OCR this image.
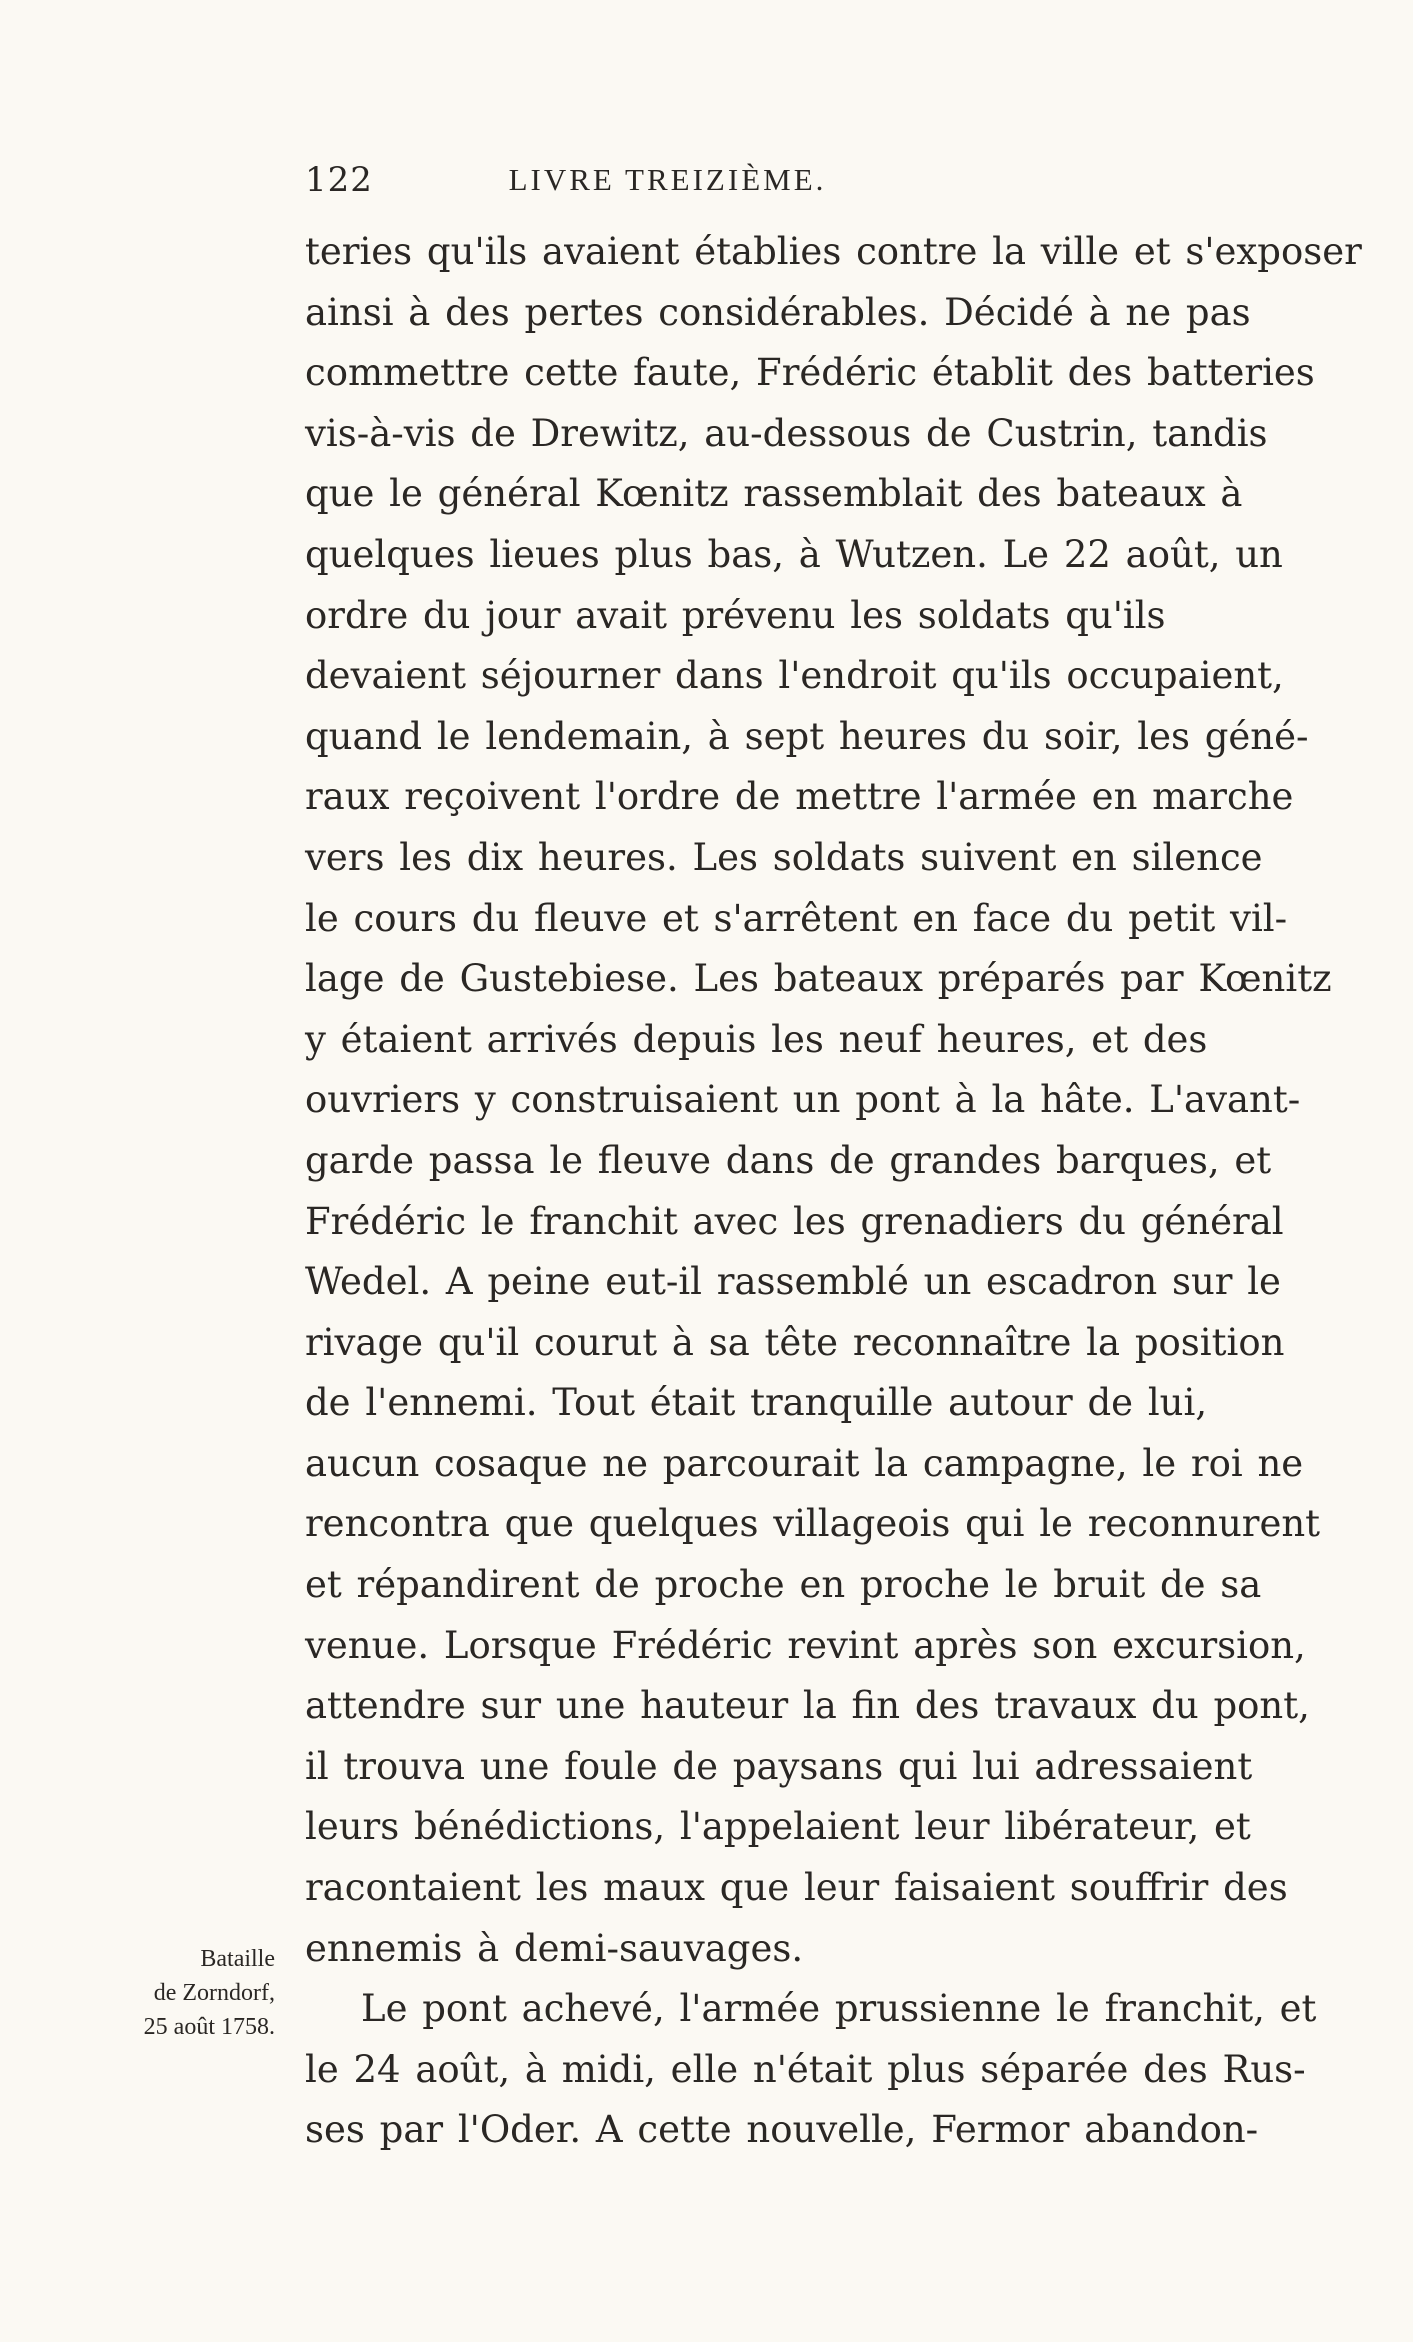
122	LIVRE TREIZIÈME.
Bataille
de Zorndorf,
25 août 1758.
teries qu'ils avaient établies contre la ville et s'exposer
ainsi à des pertes considérables. Décidé à ne pas
commettre cette faute, Frédéric établit des batteries
vis-à-vis de Drewitz, au-dessous de Custrin, tandis
que le général Kœnitz rassemblait des bateaux à
quelques lieues plus bas, à Wutzen. Le 22 août, un
ordre du jour avait prévenu les soldats qu'ils
devaient séjourner dans l'endroit qu'ils occupaient,
quand le lendemain, à sept heures du soir, les géné-
raux reçoivent l'ordre de mettre l'armée en marche
vers les dix heures. Les soldats suivent en silence
le cours du fleuve et s'arrêtent en face du petit vil-
lage de Gustebiese. Les bateaux préparés par Kœnitz
y étaient arrivés depuis les neuf heures, et des
ouvriers y construisaient un pont à la hâte. L'avant-
garde passa le fleuve dans de grandes barques, et
Frédéric le franchit avec les grenadiers du général
Wedel. A peine eut-il rassemblé un escadron sur le
rivage qu'il courut à sa tête reconnaître la position
de l'ennemi. Tout était tranquille autour de lui,
aucun cosaque ne parcourait la campagne, le roi ne
rencontra que quelques villageois qui le reconnurent
et répandirent de proche en proche le bruit de sa
venue. Lorsque Frédéric revint après son excursion,
attendre sur une hauteur la fin des travaux du pont,
il trouva une foule de paysans qui lui adressaient
leurs bénédictions, l'appelaient leur libérateur, et
racontaient les maux que leur faisaient souffrir des
ennemis à demi-sauvages.
Le pont achevé, l'armée prussienne le franchit, et
le 24 août, à midi, elle n'était plus séparée des Rus-
ses par l'Oder. A cette nouvelle, Fermor abandon-
